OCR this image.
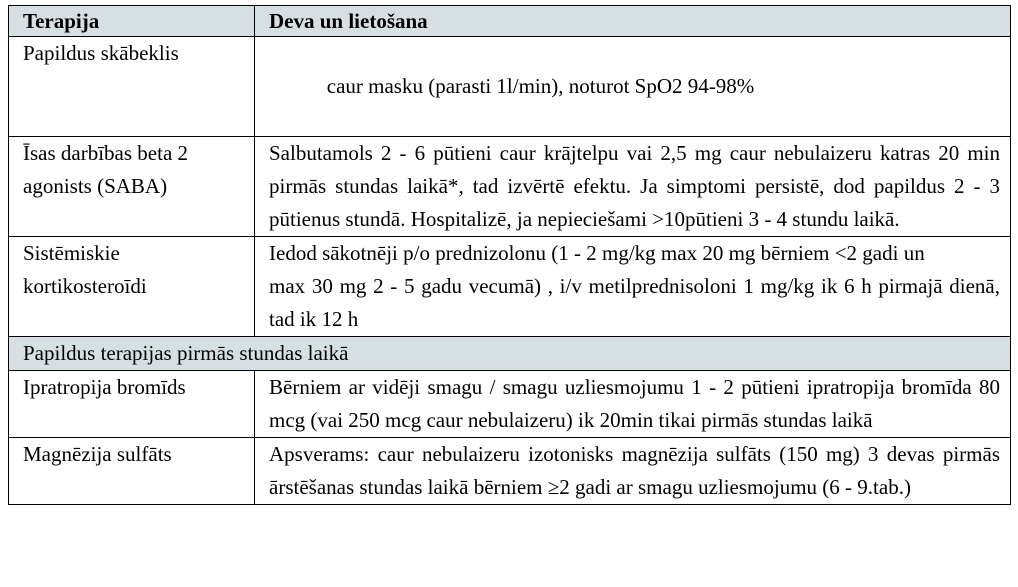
Terapija	Deva un lietošana
Papildus skābeklis	caur masku (parasti 1l/min), noturot SpO2 94-98%

Īsas darbības beta 2
agonists (SABA)	Salbutamols 2 - 6 pūtieni caur krājtelpu vai 2,5 mg caur nebulaizeru katras 20 min pirmās stundas laikā*, tad izvērtē efektu. Ja simptomi persistē, dod papildus 2 - 3 pūtienus stundā. Hospitalizē, ja nepieciešami >10pūtieni 3 - 4 stundu laikā.

Sistēmiskie
kortikosteroīdi	Iedod sākotnēji p/o prednizolonu (1 - 2 mg/kg max 20 mg bērniem <2 gadi un
max 30 mg 2 - 5 gadu vecumā) , i/v metilprednisoloni 1 mg/kg ik 6 h pirmajā dienā, tad ik 12 h

Papildus terapijas pirmās stundas laikā	
Ipratropija bromīds	Bērniem ar vidēji smagu / smagu uzliesmojumu 1 - 2 pūtieni ipratropija bromīda 80 mcg (vai 250 mcg caur nebulaizeru) ik 20min tikai pirmās stundas laikā
Magnēzija sulfāts	Apsverams: caur nebulaizeru izotonisks magnēzija sulfāts (150 mg) 3 devas pirmās ārstēšanas stundas laikā bērniem ≥2 gadi ar smagu uzliesmojumu (6 - 9.tab.)
